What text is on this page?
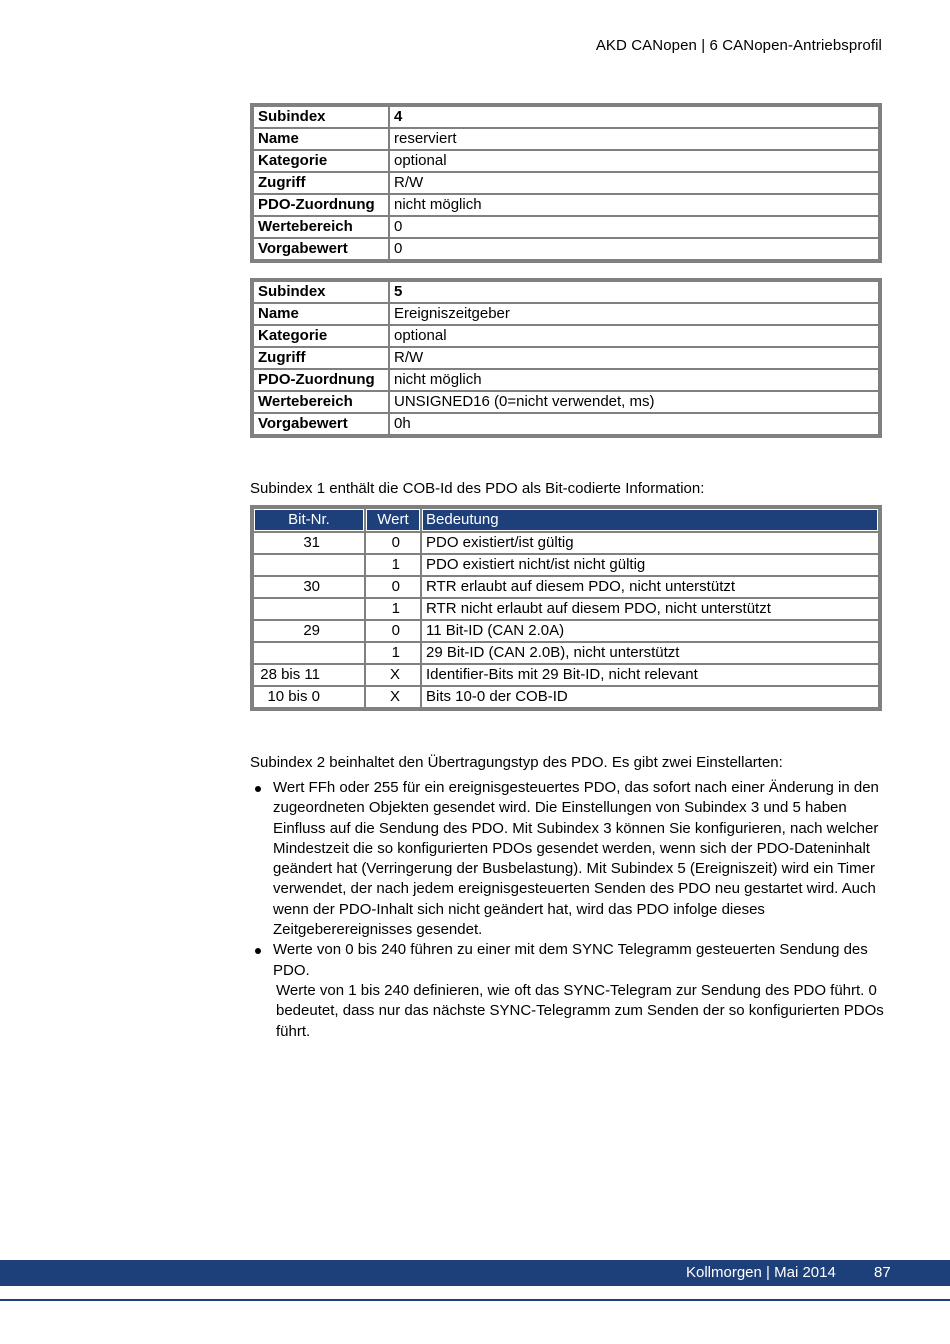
AKD CANopen | 6 CANopen-Antriebsprofil
Subindex	4
Name	reserviert
Kategorie	optional
Zugriff	R/W
PDO-Zuordnung	nicht möglich
Wertebereich	0
Vorgabewert	0
Subindex	5
Name	Ereigniszeitgeber
Kategorie	optional
Zugriff	R/W
PDO-Zuordnung	nicht möglich
Wertebereich	UNSIGNED16 (0=nicht verwendet, ms)
Vorgabewert	0h
Subindex 1 enthält die COB-Id des PDO als Bit-codierte Information:
Bit-Nr.	Wert	Bedeutung
31	0	PDO existiert/ist gültig
	1	PDO existiert nicht/ist nicht gültig
30	0	RTR erlaubt auf diesem PDO, nicht unterstützt
	1	RTR nicht erlaubt auf diesem PDO, nicht unterstützt
29	0	11 Bit-ID (CAN 2.0A)
	1	29 Bit-ID (CAN 2.0B), nicht unterstützt
28 bis 11	X	Identifier-Bits mit 29 Bit-ID, nicht relevant
10 bis 0	X	Bits 10-0 der COB-ID
Subindex 2 beinhaltet den Übertragungstyp des PDO. Es gibt zwei Einstellarten:
Wert FFh oder 255 für ein ereignisgesteuertes PDO, das sofort nach einer Änderung in den zugeordneten Objekten gesendet wird. Die Einstellungen von Subindex 3 und 5 haben Einfluss auf die Sendung des PDO. Mit Subindex 3 können Sie konfigurieren, nach welcher Mindestzeit die so konfigurierten PDOs gesendet werden, wenn sich der PDO-Dateninhalt geändert hat (Verringerung der Busbelastung). Mit Subindex 5 (Ereigniszeit) wird ein Timer verwendet, der nach jedem ereignisgesteuerten Senden des PDO neu gestartet wird. Auch wenn der PDO-Inhalt sich nicht geändert hat, wird das PDO infolge dieses Zeitgeberereignisses gesendet.
Werte von 0 bis 240 führen zu einer mit dem SYNC Telegramm gesteuerten Sendung des PDO.
Werte von 1 bis 240 definieren, wie oft das SYNC-Telegram zur Sendung des PDO führt. 0 bedeutet, dass nur das nächste SYNC-Telegramm zum Senden der so konfigurierten PDOs führt.
Kollmorgen | Mai 2014	87
